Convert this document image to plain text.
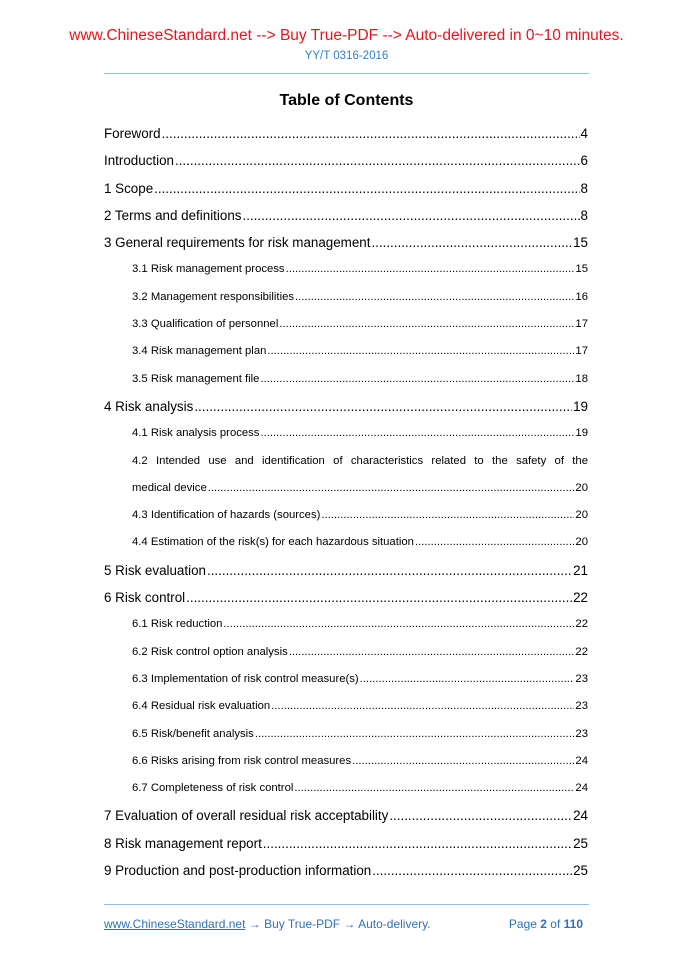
www.ChineseStandard.net --> Buy True-PDF --> Auto-delivered in 0~10 minutes.
YY/T 0316-2016
Table of Contents
Foreword .....	4
Introduction .....	6
1 Scope .....	8
2 Terms and definitions .....	8
3 General requirements for risk management .....	15
3.1 Risk management process .....	15
3.2 Management responsibilities .....	16
3.3 Qualification of personnel .....	17
3.4 Risk management plan .....	17
3.5 Risk management file .....	18
4 Risk analysis .....	19
4.1 Risk analysis process .....	19
4.2 Intended use and identification of characteristics related to the safety of the
medical device .....	20
4.3 Identification of hazards (sources) .....	20
4.4 Estimation of the risk(s) for each hazardous situation .....	20
5 Risk evaluation .....	21
6 Risk control .....	22
6.1 Risk reduction .....	22
6.2 Risk control option analysis .....	22
6.3 Implementation of risk control measure(s) .....	23
6.4 Residual risk evaluation .....	23
6.5 Risk/benefit analysis .....	23
6.6 Risks arising from risk control measures .....	24
6.7 Completeness of risk control .....	24
7 Evaluation of overall residual risk acceptability .....	24
8 Risk management report .....	25
9 Production and post-production information .....	25
www.ChineseStandard.net → Buy True-PDF → Auto-delivery.	Page 2 of 110
